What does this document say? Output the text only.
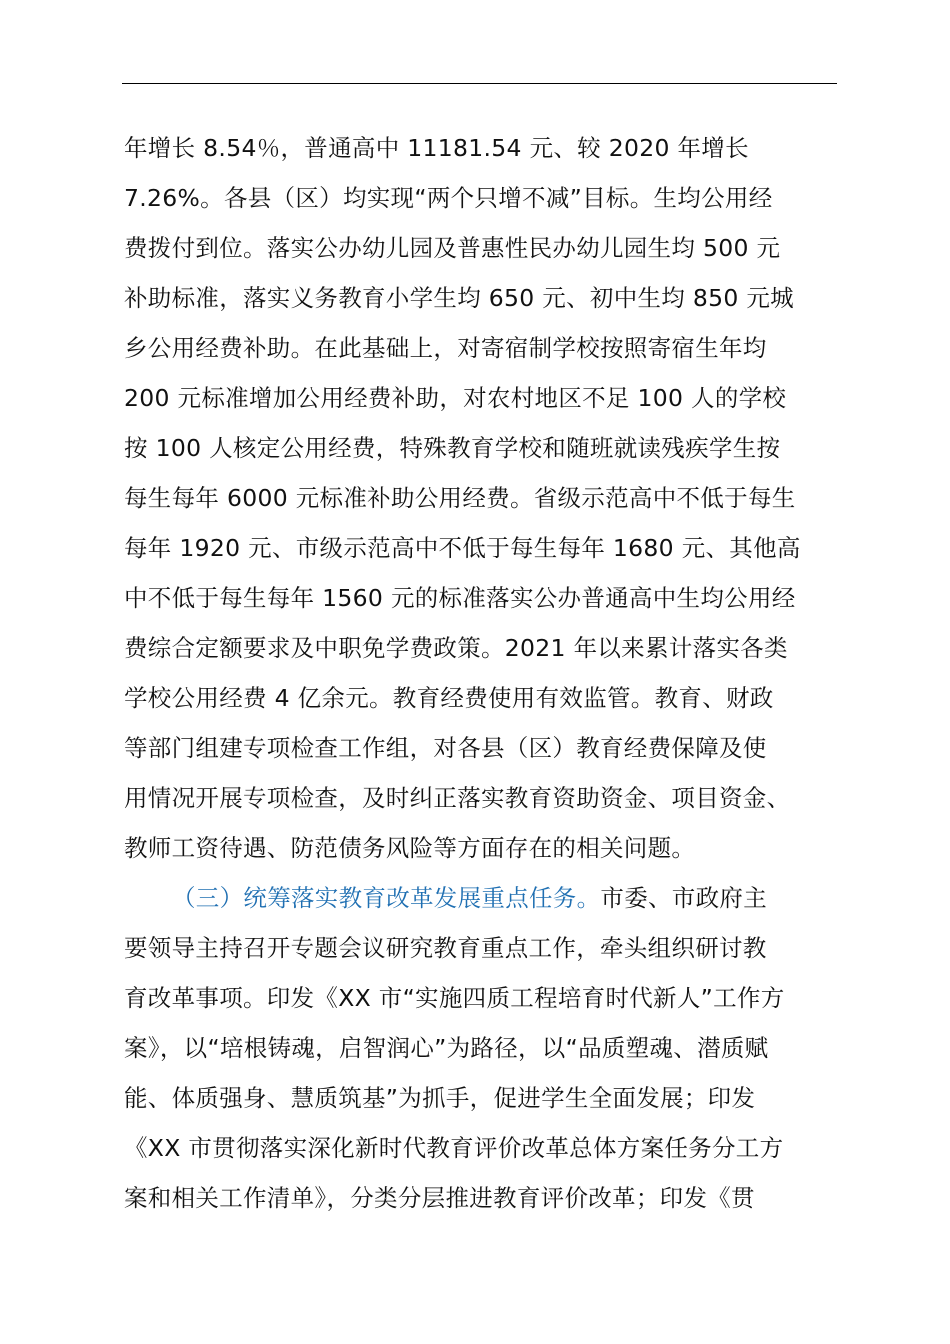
年增长 8.54％，普通高中 11181.54 元、较 2020 年增长
7.26%。各县（区）均实现“两个只增不减”目标。生均公用经
费拨付到位。落实公办幼儿园及普惠性民办幼儿园生均 500 元
补助标准，落实义务教育小学生均 650 元、初中生均 850 元城
乡公用经费补助。在此基础上，对寄宿制学校按照寄宿生年均
200 元标准增加公用经费补助，对农村地区不足 100 人的学校
按 100 人核定公用经费，特殊教育学校和随班就读残疾学生按
每生每年 6000 元标准补助公用经费。省级示范高中不低于每生
每年 1920 元、市级示范高中不低于每生每年 1680 元、其他高
中不低于每生每年 1560 元的标准落实公办普通高中生均公用经
费综合定额要求及中职免学费政策。2021 年以来累计落实各类
学校公用经费 4 亿余元。教育经费使用有效监管。教育、财政
等部门组建专项检查工作组，对各县（区）教育经费保障及使
用情况开展专项检查，及时纠正落实教育资助资金、项目资金、
教师工资待遇、防范债务风险等方面存在的相关问题。
（三）统筹落实教育改革发展重点任务。市委、市政府主
要领导主持召开专题会议研究教育重点工作，牵头组织研讨教
育改革事项。印发《XX 市“实施四质工程培育时代新人”工作方
案》，以“培根铸魂，启智润心”为路径，以“品质塑魂、潜质赋
能、体质强身、慧质筑基”为抓手，促进学生全面发展；印发
《XX 市贯彻落实深化新时代教育评价改革总体方案任务分工方
案和相关工作清单》，分类分层推进教育评价改革；印发《贯
